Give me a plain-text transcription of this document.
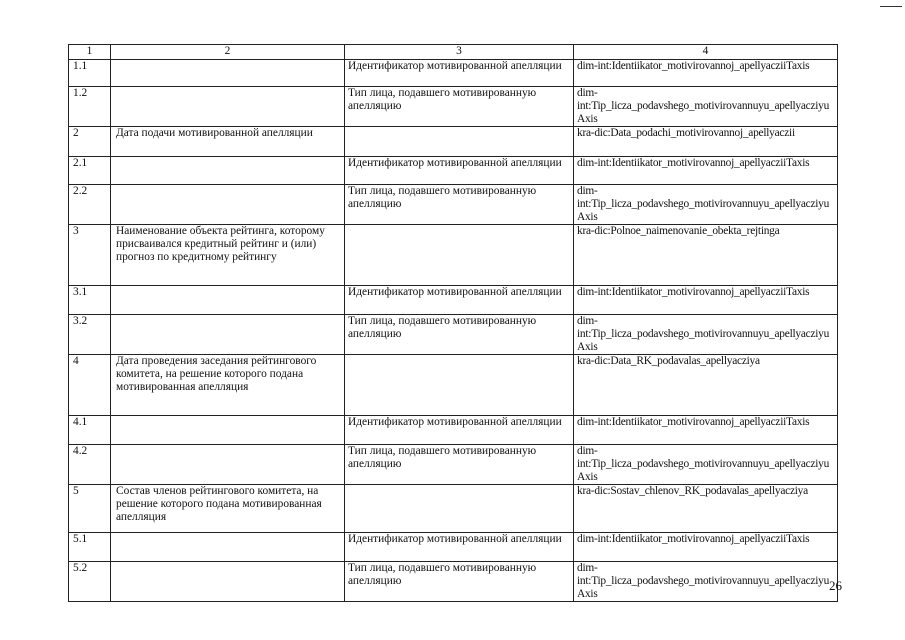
1	2	3	4
1.1		Идентификатор мотивированной апелляции	dim-int:Identiikator_motivirovannoj_apellyacziiTaxis
1.2		Тип лица, подавшего мотивированную апелляцию	dim-int:Tip_licza_podavshego_motivirovannuyu_apellyacziyuAxis
2	Дата подачи мотивированной апелляции		kra-dic:Data_podachi_motivirovannoj_apellyaczii
2.1		Идентификатор мотивированной апелляции	dim-int:Identiikator_motivirovannoj_apellyacziiTaxis
2.2		Тип лица, подавшего мотивированную апелляцию	dim-int:Tip_licza_podavshego_motivirovannuyu_apellyacziyuAxis
3	Наименование объекта рейтинга, которому присваивался кредитный рейтинг и (или) прогноз по кредитному рейтингу		kra-dic:Polnoe_naimenovanie_obekta_rejtinga
3.1		Идентификатор мотивированной апелляции	dim-int:Identiikator_motivirovannoj_apellyacziiTaxis
3.2		Тип лица, подавшего мотивированную апелляцию	dim-int:Tip_licza_podavshego_motivirovannuyu_apellyacziyuAxis
4	Дата проведения заседания рейтингового комитета, на решение которого подана мотивированная апелляция		kra-dic:Data_RK_podavalas_apellyacziya
4.1		Идентификатор мотивированной апелляции	dim-int:Identiikator_motivirovannoj_apellyacziiTaxis
4.2		Тип лица, подавшего мотивированную апелляцию	dim-int:Tip_licza_podavshego_motivirovannuyu_apellyacziyuAxis
5	Состав членов рейтингового комитета, на решение которого подана мотивированная апелляция		kra-dic:Sostav_chlenov_RK_podavalas_apellyacziya
5.1		Идентификатор мотивированной апелляции	dim-int:Identiikator_motivirovannoj_apellyacziiTaxis
5.2		Тип лица, подавшего мотивированную апелляцию	dim-int:Tip_licza_podavshego_motivirovannuyu_apellyacziyuAxis
26
